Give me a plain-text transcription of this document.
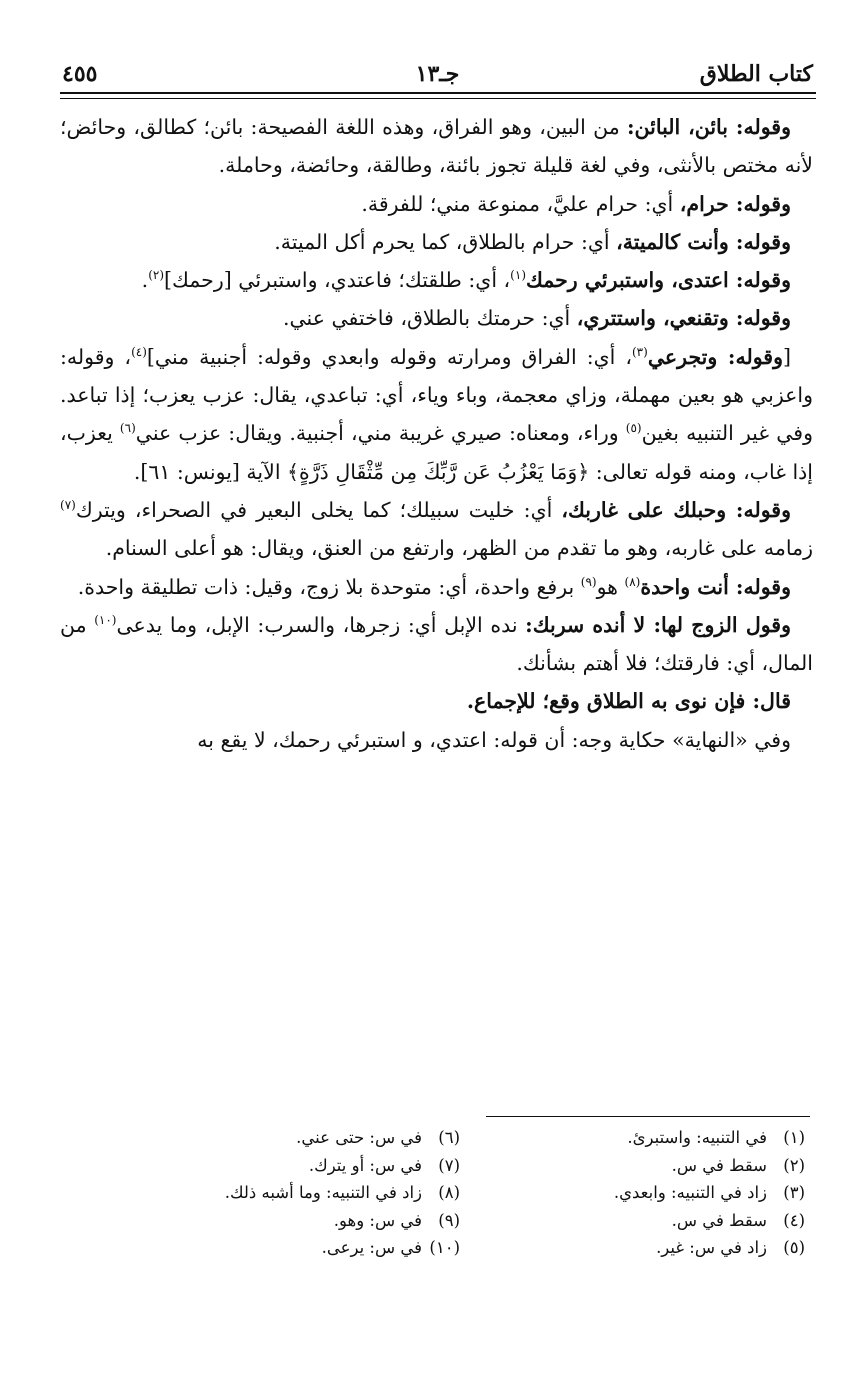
كتاب الطلاق
جـ١٣
٤٥٥

وقوله: بائن، البائن: من البين، وهو الفراق، وهذه اللغة الفصيحة: بائن؛ كطالق، وحائض؛ لأنه مختص بالأنثى، وفي لغة قليلة تجوز بائنة، وطالقة، وحائضة، وحاملة.

وقوله: حرام، أي: حرام عليَّ، ممنوعة مني؛ للفرقة.

وقوله: وأنت كالميتة، أي: حرام بالطلاق، كما يحرم أكل الميتة.

وقوله: اعتدى، واستبرئي رحمك$^{(١)}$، أي: طلقتك؛ فاعتدي، واستبرئي [رحمك]$^{(٢)}$.

وقوله: وتقنعي، واستتري، أي: حرمتك بالطلاق، فاختفي عني.

[وقوله: وتجرعي$^{(٣)}$، أي: الفراق ومرارته وقوله وابعدي وقوله: أجنبية مني]$^{(٤)}$، وقوله: واعزبي هو بعين مهملة، وزاي معجمة، وباء وياء، أي: تباعدي، يقال: عزب يعزب؛ إذا تباعد. وفي غير التنبيه بغين$^{(٥)}$ وراء، ومعناه: صيري غريبة مني، أجنبية. ويقال: عزب عني$^{(٦)}$ يعزب، إذا غاب، ومنه قوله تعالى: ﴿وَمَا يَعْزُبُ عَن رَّبِّكَ مِن مِّثْقَالِ ذَرَّةٍ﴾ الآية [يونس: ٦١].

وقوله: وحبلك على غاربك، أي: خليت سبيلك؛ كما يخلى البعير في الصحراء، ويترك$^{(٧)}$ زمامه على غاربه، وهو ما تقدم من الظهر، وارتفع من العنق، ويقال: هو أعلى السنام.

وقوله: أنت واحدة$^{(٨)}$ هو$^{(٩)}$ برفع واحدة، أي: متوحدة بلا زوج، وقيل: ذات تطليقة واحدة.

وقول الزوج لها: لا أنده سربك: نده الإبل أي: زجرها، والسرب: الإبل، وما يدعى$^{(١٠)}$ من المال، أي: فارقتك؛ فلا أهتم بشأنك.

قال: فإن نوى به الطلاق وقع؛ للإجماع.

وفي «النهاية» حكاية وجه: أن قوله: اعتدي، و استبرئي رحمك، لا يقع به

(١)في التنبيه: واستبرئ.
(٢)سقط في س.
(٣)زاد في التنبيه: وابعدي.
(٤)سقط في س.
(٥)زاد في س: غير.
(٦)في س: حتى عني.
(٧)في س: أو يترك.
(٨)زاد في التنبيه: وما أشبه ذلك.
(٩)في س: وهو.
(١٠)في س: يرعى.
